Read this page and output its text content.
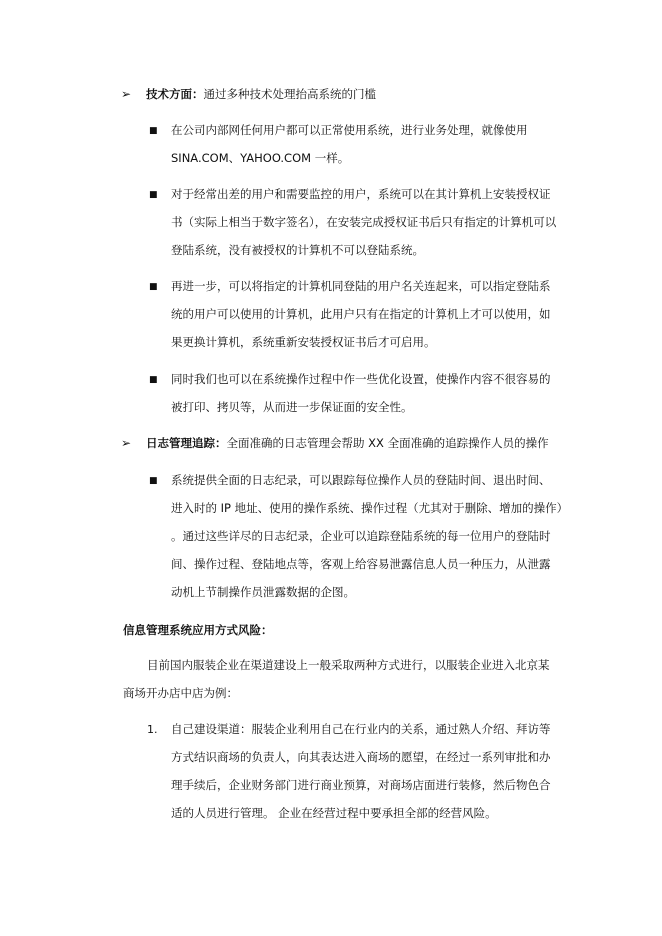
➢ 技术方面：通过多种技术处理抬高系统的门槛
■ 在公司内部网任何用户都可以正常使用系统，进行业务处理，就像使用
SINA.COM、YAHOO.COM 一样。
■ 对于经常出差的用户和需要监控的用户，系统可以在其计算机上安装授权证
书（实际上相当于数字签名），在安装完成授权证书后只有指定的计算机可以
登陆系统，没有被授权的计算机不可以登陆系统。
■ 再进一步，可以将指定的计算机同登陆的用户名关连起来，可以指定登陆系
统的用户可以使用的计算机，此用户只有在指定的计算机上才可以使用，如
果更换计算机，系统重新安装授权证书后才可启用。
■ 同时我们也可以在系统操作过程中作一些优化设置，使操作内容不很容易的
被打印、拷贝等，从而进一步保证面的安全性。
➢ 日志管理追踪：全面准确的日志管理会帮助 XX 全面准确的追踪操作人员的操作
■ 系统提供全面的日志纪录，可以跟踪每位操作人员的登陆时间、退出时间、
进入时的 IP 地址、使用的操作系统、操作过程（尤其对于删除、增加的操作）
。通过这些详尽的日志纪录，企业可以追踪登陆系统的每一位用户的登陆时
间、操作过程、登陆地点等，客观上给容易泄露信息人员一种压力，从泄露
动机上节制操作员泄露数据的企图。
信息管理系统应用方式风险：
目前国内服装企业在渠道建设上一般采取两种方式进行，以服装企业进入北京某
商场开办店中店为例：
1. 自己建设渠道：服装企业利用自己在行业内的关系，通过熟人介绍、拜访等
方式结识商场的负责人，向其表达进入商场的愿望，在经过一系列审批和办
理手续后，企业财务部门进行商业预算，对商场店面进行装修，然后物色合
适的人员进行管理。 企业在经营过程中要承担全部的经营风险。
